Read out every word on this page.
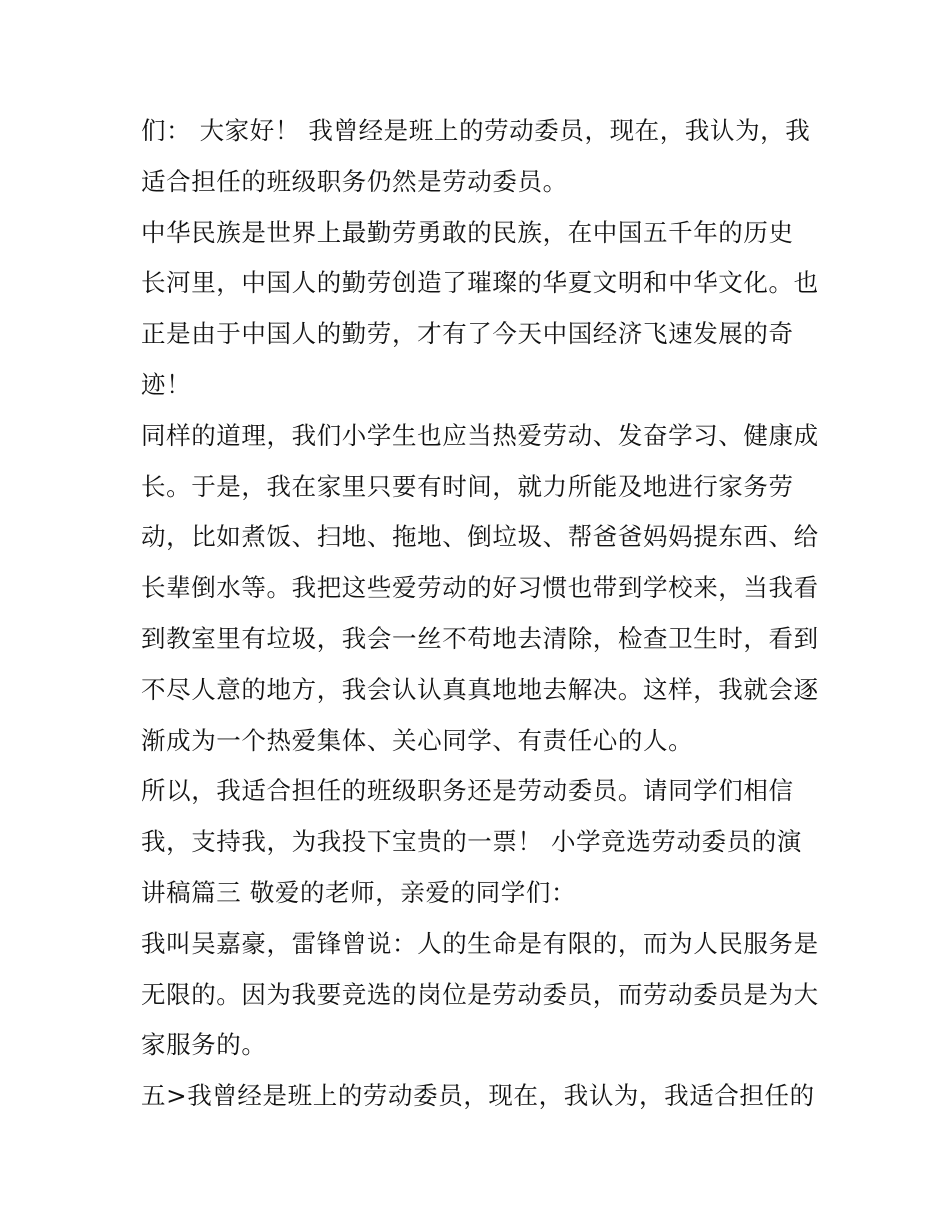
们： 大家好！ 我曾经是班上的劳动委员，现在，我认为，我
适合担任的班级职务仍然是劳动委员。
中华民族是世界上最勤劳勇敢的民族，在中国五千年的历史
长河里，中国人的勤劳创造了璀璨的华夏文明和中华文化。也
正是由于中国人的勤劳，才有了今天中国经济飞速发展的奇
迹！
同样的道理，我们小学生也应当热爱劳动、发奋学习、健康成
长。于是，我在家里只要有时间，就力所能及地进行家务劳
动，比如煮饭、扫地、拖地、倒垃圾、帮爸爸妈妈提东西、给
长辈倒水等。我把这些爱劳动的好习惯也带到学校来，当我看
到教室里有垃圾，我会一丝不苟地去清除，检查卫生时，看到
不尽人意的地方，我会认认真真地地去解决。这样，我就会逐
渐成为一个热爱集体、关心同学、有责任心的人。
所以，我适合担任的班级职务还是劳动委员。请同学们相信
我，支持我，为我投下宝贵的一票！ 小学竞选劳动委员的演
讲稿篇三 敬爱的老师，亲爱的同学们：
我叫吴嘉豪，雷锋曾说：人的生命是有限的，而为人民服务是
无限的。因为我要竞选的岗位是劳动委员，而劳动委员是为大
家服务的。
五>我曾经是班上的劳动委员，现在，我认为，我适合担任的
